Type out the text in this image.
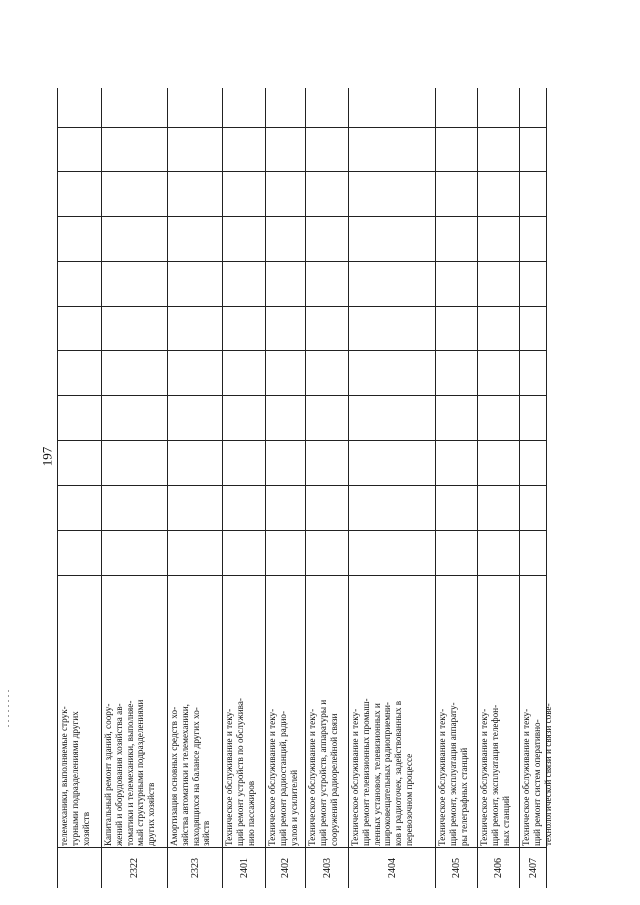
197
телемеханики, выполняемые струк-
турными подразделениями других
хозяйств
2322
Капитальный ремонт зданий, соору-
жений и оборудования хозяйства ав-
томатики и телемеханики, выполняе-
мый структурными подразделениями
других хозяйств
2323
Амортизация основных средств хо-
зяйства автоматики и телемеханики,
находящихся на балансе других хо-
зяйств
2401
Техническое обслуживание и теку-
щий ремонт устройств по обслужива-
нию пассажиров
2402
Техническое обслуживание и теку-
щий ремонт радиостанций, радио-
узлов и усилителей
2403
Техническое обслуживание и теку-
щий ремонт устройств, аппаратуры и
сооружений радиорелейной связи
2404
Техническое обслуживание и теку-
щий ремонт телевизионных промыш-
ленных установок, телевизионных и
широковещательных радиоприемни-
ков и радиоточек, задействованных в
перевозочном процессе
2405
Техническое обслуживание и теку-
щий ремонт, эксплуатация аппарату-
ры телеграфных станций
2406
Техническое обслуживание и теку-
щий ремонт, эксплуатация телефон-
ных станций
2407
Техническое обслуживание и теку-
щий ремонт систем оперативно-
технологической связи и связи сове-
